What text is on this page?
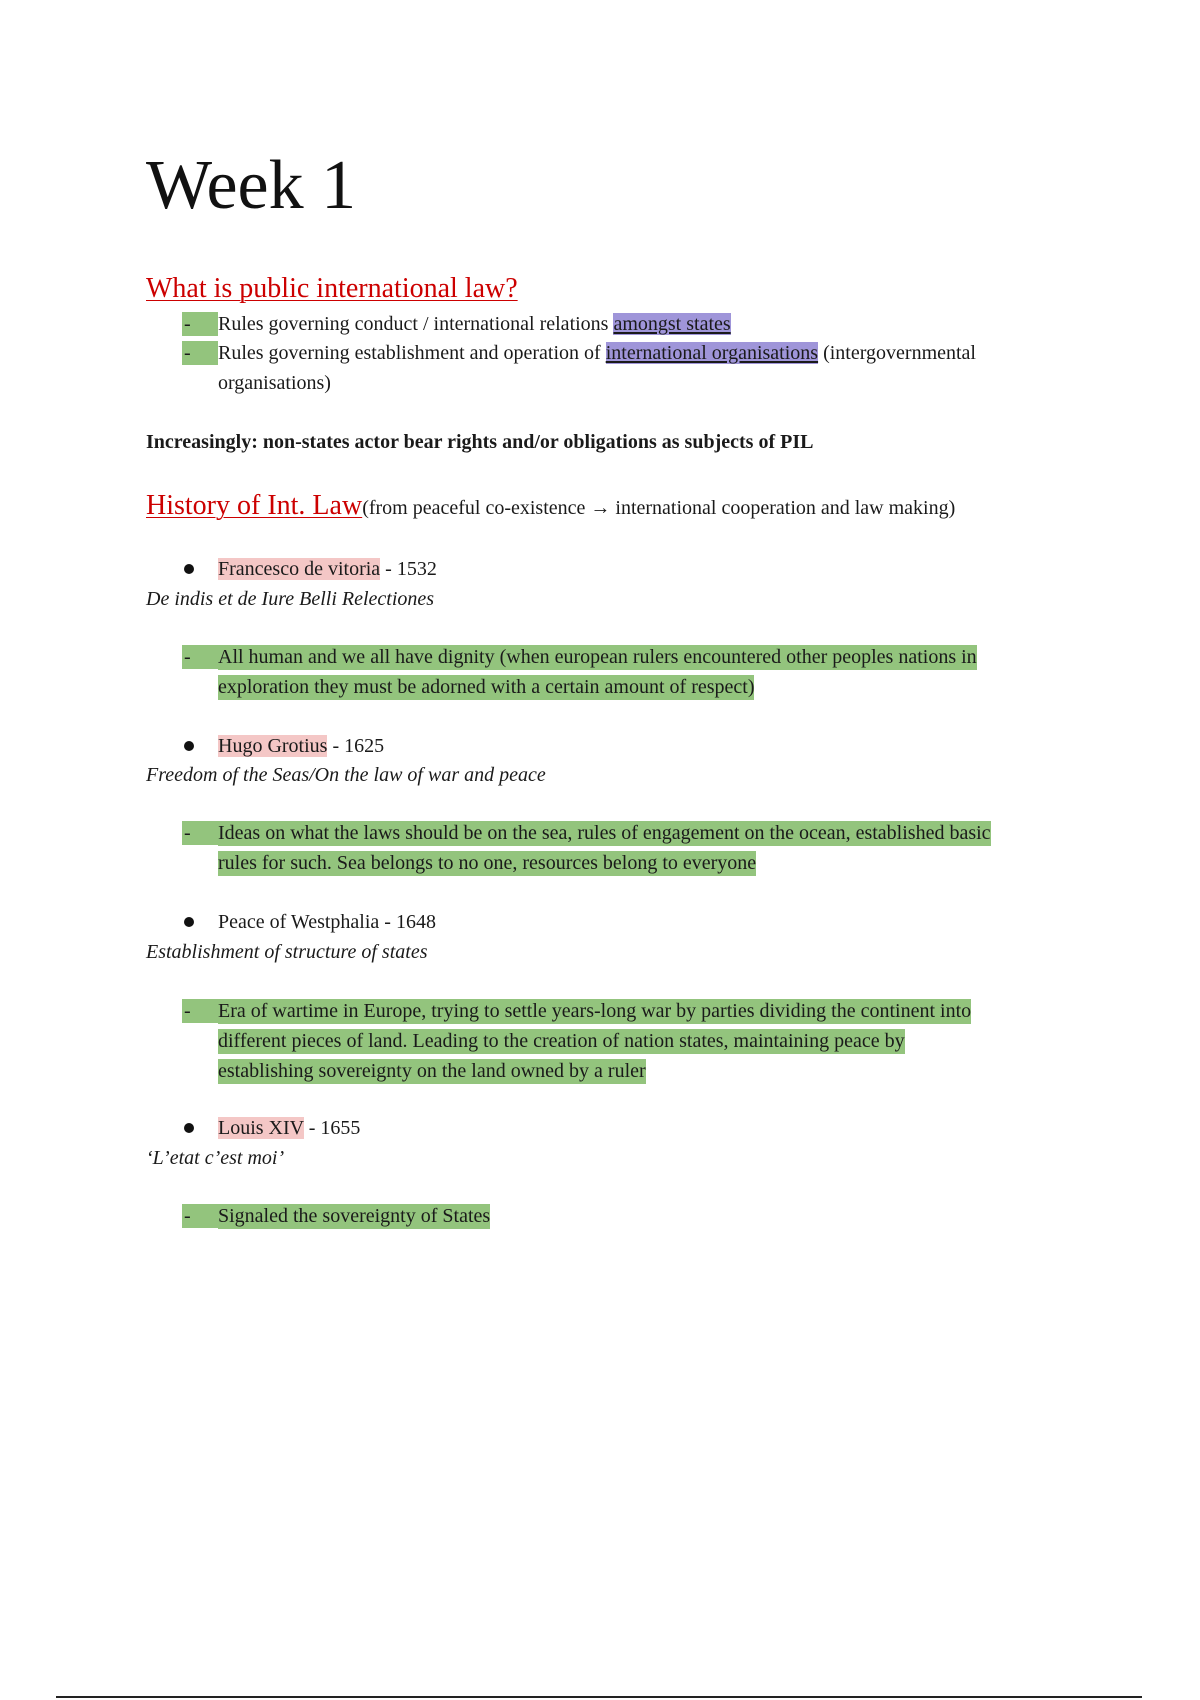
Week 1
What is public international law?
-	Rules governing conduct / international relations amongst states
-	Rules governing establishment and operation of international organisations (intergovernmental
organisations)
Increasingly: non-states actor bear rights and/or obligations as subjects of PIL
History of Int. Law(from peaceful co-existence → international cooperation and law making)
Francesco de vitoria - 1532
De indis et de Iure Belli Relectiones
-	All human and we all have dignity (when european rulers encountered other peoples nations in
exploration they must be adorned with a certain amount of respect)
Hugo Grotius - 1625
Freedom of the Seas/On the law of war and peace
-	Ideas on what the laws should be on the sea, rules of engagement on the ocean, established basic
rules for such. Sea belongs to no one, resources belong to everyone
Peace of Westphalia - 1648
Establishment of structure of states
-	Era of wartime in Europe, trying to settle years-long war by parties dividing the continent into
different pieces of land. Leading to the creation of nation states, maintaining peace by
establishing sovereignty on the land owned by a ruler
Louis XIV - 1655
‘L’etat c’est moi’
-	Signaled the sovereignty of States
